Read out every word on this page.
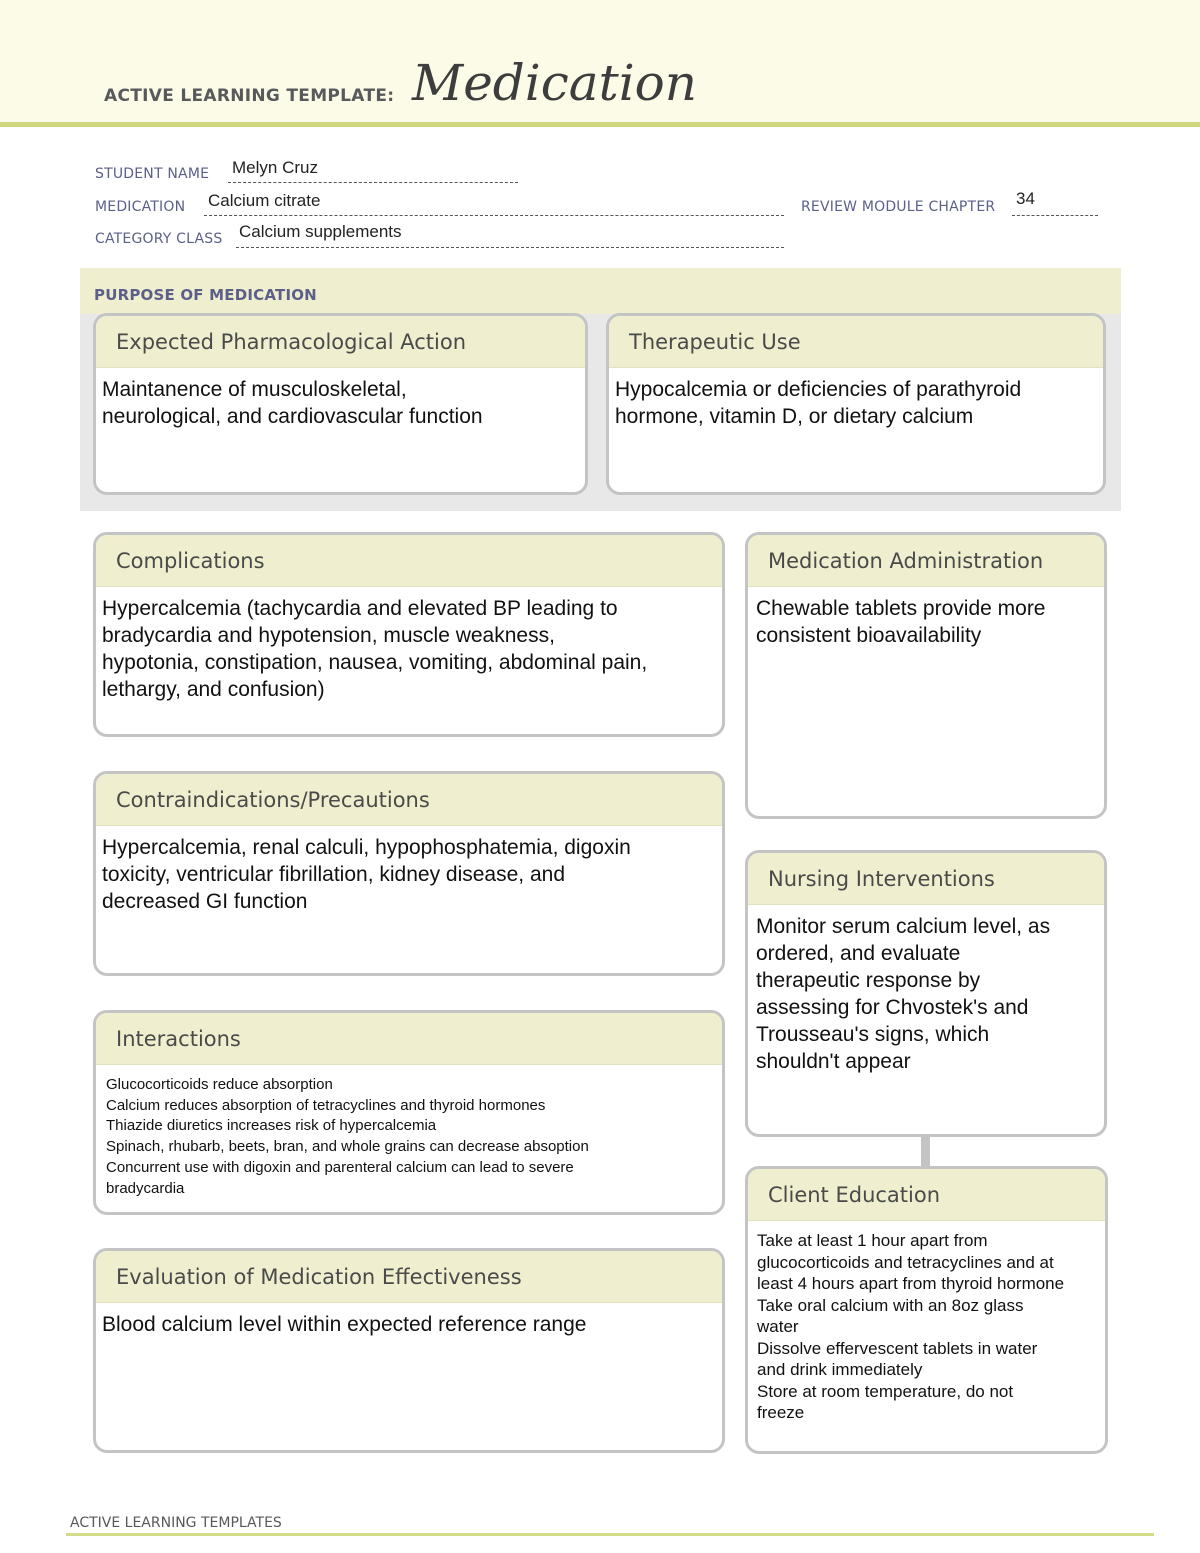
ACTIVE LEARNING TEMPLATE: Medication
STUDENT NAME Melyn Cruz
MEDICATION Calcium citrate	REVIEW MODULE CHAPTER 34
CATEGORY CLASS Calcium supplements
PURPOSE OF MEDICATION
Expected Pharmacological Action
Maintanence of musculoskeletal,
neurological, and cardiovascular function
Therapeutic Use
Hypocalcemia or deficiencies of parathyroid
hormone, vitamin D, or dietary calcium
Complications
Hypercalcemia (tachycardia and elevated BP leading to
bradycardia and hypotension, muscle weakness,
hypotonia, constipation, nausea, vomiting, abdominal pain,
lethargy, and confusion)
Contraindications/Precautions
Hypercalcemia, renal calculi, hypophosphatemia, digoxin
toxicity, ventricular fibrillation, kidney disease, and
decreased GI function
Interactions
Glucocorticoids reduce absorption
Calcium reduces absorption of tetracyclines and thyroid hormones
Thiazide diuretics increases risk of hypercalcemia
Spinach, rhubarb, beets, bran, and whole grains can decrease absoption
Concurrent use with digoxin and parenteral calcium can lead to severe
bradycardia
Evaluation of Medication Effectiveness
Blood calcium level within expected reference range
Medication Administration
Chewable tablets provide more
consistent bioavailability
Nursing Interventions
Monitor serum calcium level, as
ordered, and evaluate
therapeutic response by
assessing for Chvostek's and
Trousseau's signs, which
shouldn't appear
Client Education
Take at least 1 hour apart from
glucocorticoids and tetracyclines and at
least 4 hours apart from thyroid hormone
Take oral calcium with an 8oz glass
water
Dissolve effervescent tablets in water
and drink immediately
Store at room temperature, do not
freeze
ACTIVE LEARNING TEMPLATES
